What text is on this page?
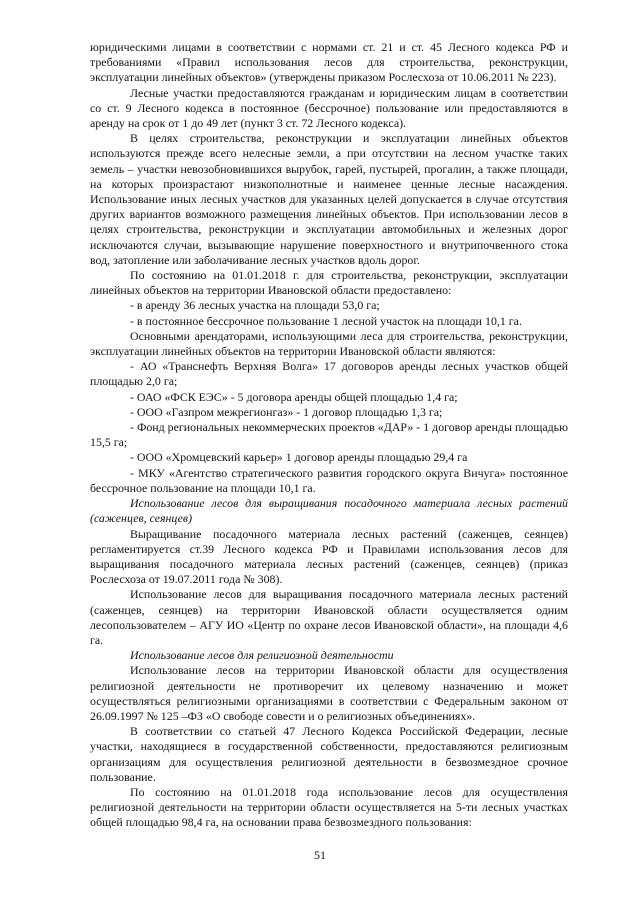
юридическими лицами в соответствии с нормами ст. 21 и ст. 45 Лесного кодекса РФ и требованиями «Правил использования лесов для строительства, реконструкции, эксплуатации линейных объектов» (утверждены приказом Рослесхоза от 10.06.2011 № 223).

Лесные участки предоставляются гражданам и юридическим лицам в соответствии со ст. 9 Лесного кодекса в постоянное (бессрочное) пользование или предоставляются в аренду на срок от 1 до 49 лет (пункт 3 ст. 72 Лесного кодекса).

В целях строительства, реконструкции и эксплуатации линейных объектов используются прежде всего нелесные земли, а при отсутствии на лесном участке таких земель – участки невозобновившихся вырубок, гарей, пустырей, прогалин, а также площади, на которых произрастают низкополнотные и наименее ценные лесные насаждения. Использование иных лесных участков для указанных целей допускается в случае отсутствия других вариантов возможного размещения линейных объектов. При использовании лесов в целях строительства, реконструкции и эксплуатации автомобильных и железных дорог исключаются случаи, вызывающие нарушение поверхностного и внутрипочвенного стока вод, затопление или заболачивание лесных участков вдоль дорог.

По состоянию на 01.01.2018 г. для строительства, реконструкции, эксплуатации линейных объектов на территории Ивановской области предоставлено:

- в аренду 36 лесных участка на площади 53,0 га;

- в постоянное бессрочное пользование 1 лесной участок на площади 10,1 га.

Основными арендаторами, использующими леса для строительства, реконструкции, эксплуатации линейных объектов на территории Ивановской области являются:

- АО «Транснефть Верхняя Волга» 17 договоров аренды лесных участков общей площадью 2,0 га;

- ОАО «ФСК ЕЭС» - 5 договора аренды общей площадью 1,4 га;

- ООО «Газпром межрегионгаз» - 1 договор площадью 1,3 га;

- Фонд региональных некоммерческих проектов «ДАР» - 1 договор аренды площадью 15,5 га;

- ООО «Хромцевский карьер» 1 договор аренды площадью 29,4 га

- МКУ «Агентство стратегического развития городского округа Вичуга» постоянное бессрочное пользование на площади 10,1 га.

Использование лесов для выращивания посадочного материала лесных растений (саженцев, сеянцев)

Выращивание посадочного материала лесных растений (саженцев, сеянцев) регламентируется ст.39 Лесного кодекса РФ и Правилами использования лесов для выращивания посадочного материала лесных растений (саженцев, сеянцев) (приказ Рослесхоза от 19.07.2011 года № 308).

Использование лесов для выращивания посадочного материала лесных растений (саженцев, сеянцев) на территории Ивановской области осуществляется одним лесопользователем – АГУ ИО «Центр по охране лесов Ивановской области», на площади 4,6 га.

Использование лесов для религиозной деятельности

Использование лесов на территории Ивановской области для осуществления религиозной деятельности не противоречит их целевому назначению и может осуществляться религиозными организациями в соответствии с Федеральным законом от 26.09.1997 № 125 –ФЗ «О свободе совести и о религиозных объединениях».

В соответствии со статьей 47 Лесного Кодекса Российской Федерации, лесные участки, находящиеся в государственной собственности, предоставляются религиозным организациям для осуществления религиозной деятельности в безвозмездное срочное пользование.

По состоянию на 01.01.2018 года использование лесов для осуществления религиозной деятельности на территории области осуществляется на 5-ти лесных участках общей площадью 98,4 га, на основании права безвозмездного пользования:

51
